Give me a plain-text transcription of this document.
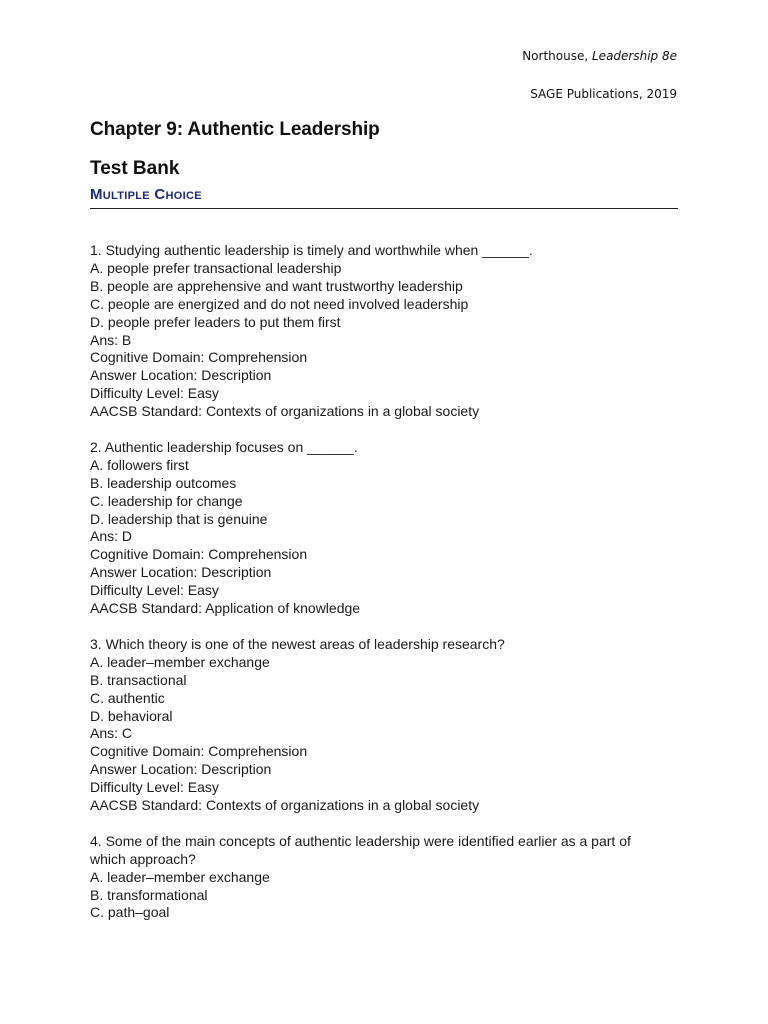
Northouse, Leadership 8e
SAGE Publications, 2019
Chapter 9: Authentic Leadership
Test Bank
Multiple Choice
1. Studying authentic leadership is timely and worthwhile when ______.
A. people prefer transactional leadership
B. people are apprehensive and want trustworthy leadership
C. people are energized and do not need involved leadership
D. people prefer leaders to put them first
Ans: B
Cognitive Domain: Comprehension
Answer Location: Description
Difficulty Level: Easy
AACSB Standard: Contexts of organizations in a global society
2. Authentic leadership focuses on ______.
A. followers first
B. leadership outcomes
C. leadership for change
D. leadership that is genuine
Ans: D
Cognitive Domain: Comprehension
Answer Location: Description
Difficulty Level: Easy
AACSB Standard: Application of knowledge
3. Which theory is one of the newest areas of leadership research?
A. leader–member exchange
B. transactional
C. authentic
D. behavioral
Ans: C
Cognitive Domain: Comprehension
Answer Location: Description
Difficulty Level: Easy
AACSB Standard: Contexts of organizations in a global society
4. Some of the main concepts of authentic leadership were identified earlier as a part of
which approach?
A. leader–member exchange
B. transformational
C. path–goal
